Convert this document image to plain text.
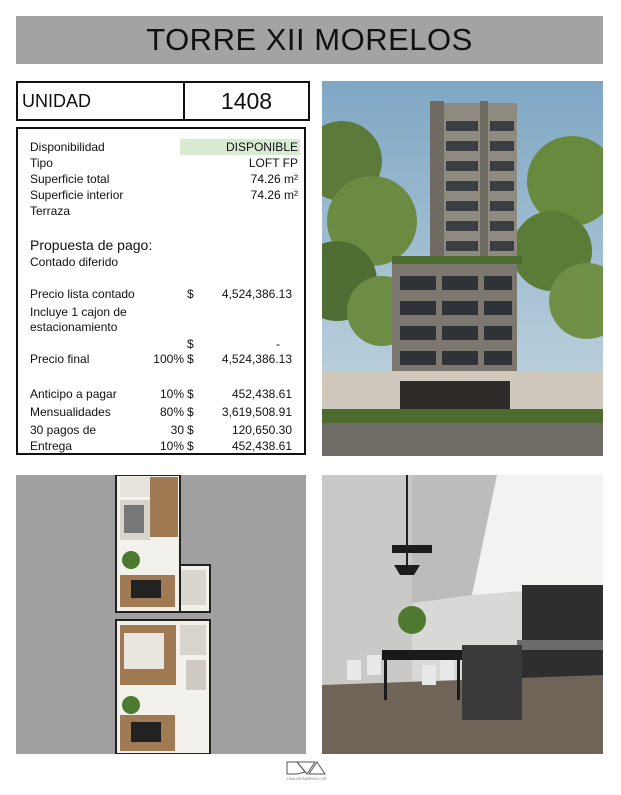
TORRE XII MORELOS
UNIDAD	1408
Disponibilidad	DISPONIBLE
Tipo	LOFT FP
Superficie total	74.26 m²
Superficie interior	74.26 m²
Terraza
Propuesta de pago:
Contado diferido
Precio lista contado	$ 4,524,386.13
Incluye 1 cajon de
estacionamiento
$	-
Precio final	100% $ 4,524,386.13
Anticipo a pagar	10% $	452,438.61
Mensualidades	80% $ 3,619,508.91
30 pagos de	30 $	120,650.30
Entrega	10% $	452,438.61
DNA DESARROLLOS
